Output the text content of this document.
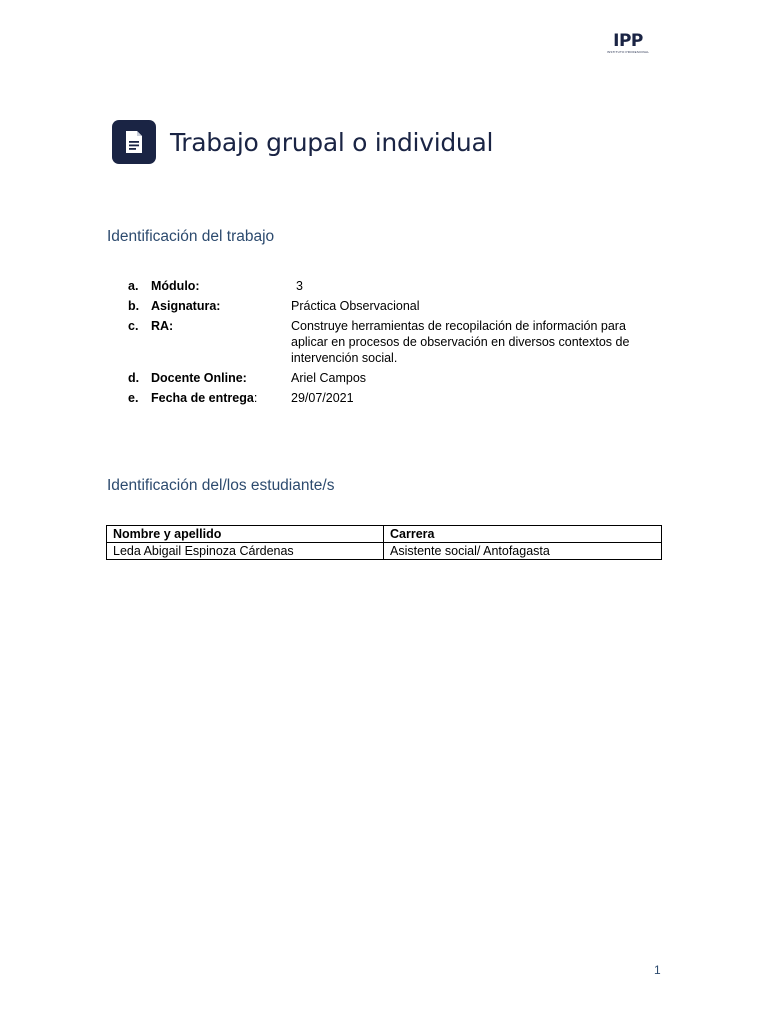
IPP
INSTITUTO PROFESIONAL
Trabajo grupal o individual
Identificación del trabajo
a.	Módulo:	3
b. Asignatura:	Práctica Observacional
c.	RA:	Construye herramientas de recopilación de información para aplicar en procesos de observación en diversos contextos de intervención social.
d. Docente Online:	Ariel Campos
e.	Fecha de entrega:	29/07/2021
Identificación del/los estudiante/s
Nombre y apellido	Carrera
Leda Abigail Espinoza Cárdenas	Asistente social/ Antofagasta
1
